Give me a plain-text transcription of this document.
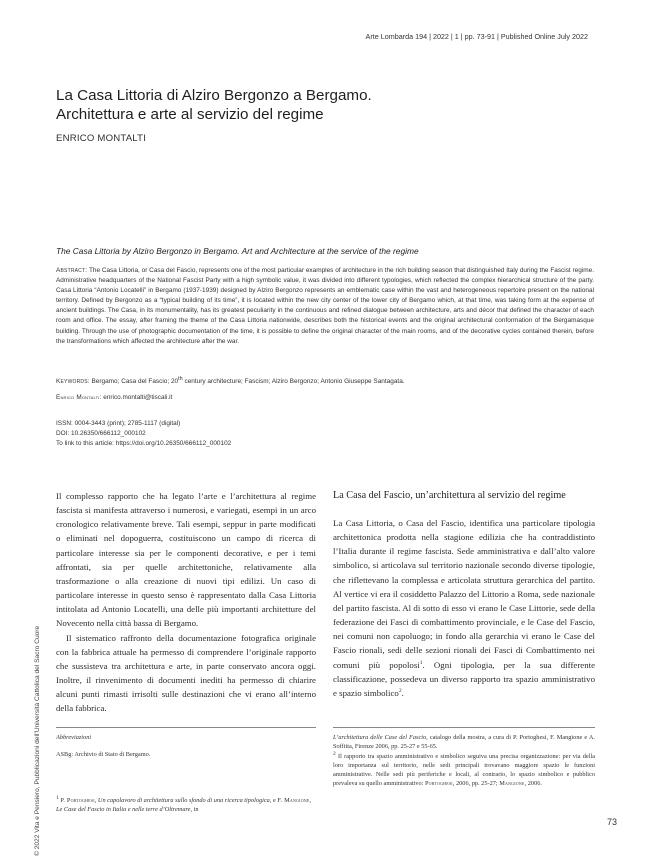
Arte Lombarda 194 | 2022 | 1 | pp. 73-91 | Published Online July 2022
La Casa Littoria di Alziro Bergonzo a Bergamo.
Architettura e arte al servizio del regime
ENRICO MONTALTI
The Casa Littoria by Alziro Bergonzo in Bergamo. Art and Architecture at the service of the regime
Abstract: The Casa Littoria, or Casa del Fascio, represents one of the most particular examples of architecture in the rich building season that distinguished Italy during the Fascist regime. Administrative headquarters of the National Fascist Party with a high symbolic value, it was divided into different typologies, which reflected the complex hierarchical structure of the party. Casa Littoria “Antonio Locatelli” in Bergamo (1937-1939) designed by Alziro Bergonzo represents an emblematic case within the vast and heterogeneous repertoire present on the national territory. Defined by Bergonzo as a “typical building of its time”, it is located within the new city center of the lower city of Bergamo which, at that time, was taking form at the expense of ancient buildings. The Casa, in its monumentality, has its greatest peculiarity in the continuous and refined dialogue between architecture, arts and décor that defined the character of each room and office. The essay, after framing the theme of the Casa Littoria nationwide, describes both the historical events and the original architectural conformation of the Bergamasque building. Through the use of photographic documentation of the time, it is possible to define the original character of the main rooms, and of the decorative cycles contained therein, before the transformations which affected the architecture after the war.
Keywords: Bergamo; Casa del Fascio; 20th century architecture; Fascism; Alziro Bergonzo; Antonio Giuseppe Santagata.
Enrico Montalti: enrico.montalti@tiscali.it
ISSN: 0004-3443 (print); 2785-1117 (digital)
DOI: 10.26350/666112_000102
To link to this article: https://doi.org/10.26350/666112_000102
© 2022 Vita e Pensiero, Pubblicazioni dell’Università Cattolica del Sacro Cuore

Il complesso rapporto che ha legato l’arte e l’architettura al regime fascista si manifesta attraverso i numerosi, e variegati, esempi in un arco cronologico relativamente breve. Tali esempi, seppur in parte modificati o eliminati nel dopoguerra, costituiscono un campo di ricerca di particolare interesse sia per le componenti decorative, e per i temi affrontati, sia per quelle architettoniche, relativamente alla trasformazione o alla creazione di nuovi tipi edilizi. Un caso di particolare interesse in questo senso è rappresentato dalla Casa Littoria intitolata ad Antonio Locatelli, una delle più importanti architetture del Novecento nella città bassa di Bergamo.

Il sistematico raffronto della documentazione fotografica originale con la fabbrica attuale ha permesso di comprendere l’originale rapporto che sussisteva tra architettura e arte, in parte conservato ancora oggi. Inoltre, il rinvenimento di documenti inediti ha permesso di chiarire alcuni punti rimasti irrisolti sulle destinazioni che vi erano all’interno della fabbrica.

La Casa del Fascio, un’architettura al servizio del regime

La Casa Littoria, o Casa del Fascio, identifica una particolare tipologia architettonica prodotta nella stagione edilizia che ha contraddistinto l’Italia durante il regime fascista. Sede amministrativa e dall’alto valore simbolico, si articolava sul territorio nazionale secondo diverse tipologie, che riflettevano la complessa e articolata struttura gerarchica del partito. Al vertice vi era il cosiddetto Palazzo del Littorio a Roma, sede nazionale del partito fascista. Al di sotto di esso vi erano le Case Littorie, sede della federazione dei Fasci di combattimento provinciale, e le Case del Fascio, nei comuni non capoluogo; in fondo alla gerarchia vi erano le Case del Fascio rionali, sedi delle sezioni rionali dei Fasci di Combattimento nei comuni più popolosi$^1$. Ogni tipologia, per la sua differente classificazione, possedeva un diverso rapporto tra spazio amministrativo e spazio simbolico$^2$.

Abbreviazioni

ASBg: Archivio di Stato di Bergamo.

$^1$ P. Portoghesi, Un capolavoro di architettura sullo sfondo di una ricerca tipologica, e F. Mangione, Le Case del Fascio in Italia e nelle terre d’Oltremare, in

L’architettura delle Case del Fascio, catalogo della mostra, a cura di P. Portoghesi, F. Mangione e A. Soffitta, Firenze 2006, pp. 25-27 e 55-65.

$^2$ Il rapporto tra spazio amministrativo e simbolico seguiva una precisa organizzazione: per via della loro importanza sul territorio, nelle sedi principali trovavano maggiore spazio le funzioni amministrative. Nelle sedi più periferiche e locali, al contrario, lo spazio simbolico e pubblico prevaleva su quello amministrativo: Portoghesi, 2006, pp. 25-27; Mangione, 2006.

73
